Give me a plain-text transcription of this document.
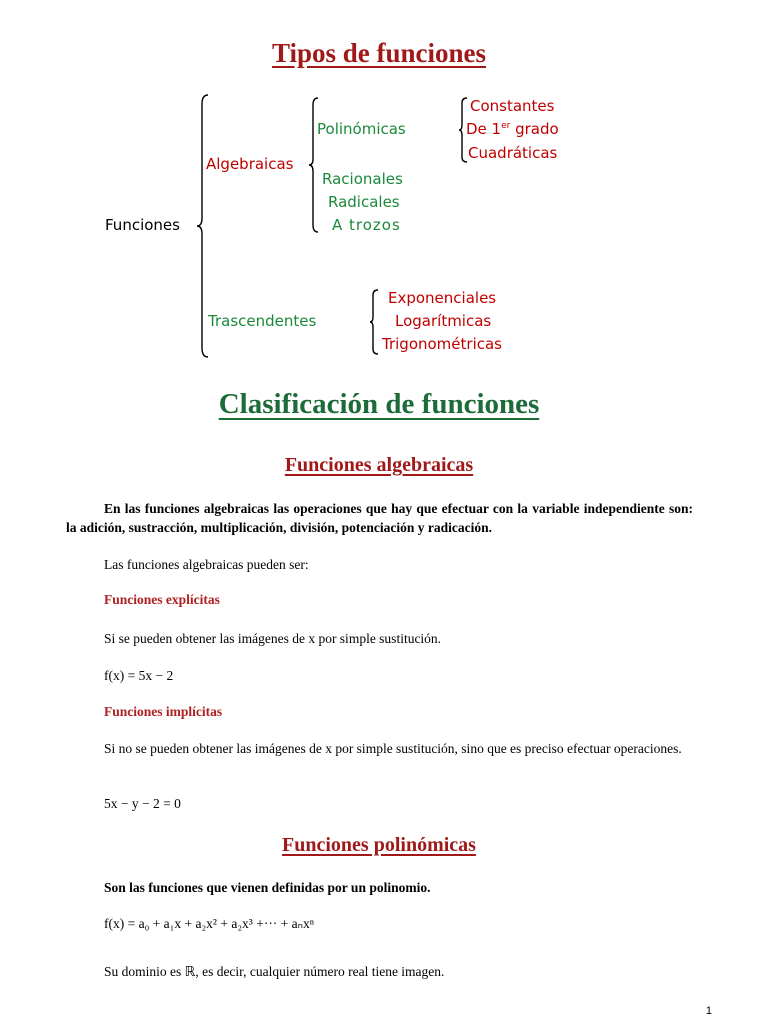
Tipos de funciones
Funciones
Algebraicas
Polinómicas
Constantes
De 1er grado
Cuadráticas
Racionales
Radicales
A trozos
Trascendentes
Exponenciales
Logarítmicas
Trigonométricas
Clasificación de funciones
Funciones algebraicas
En las funciones algebraicas las operaciones que hay que efectuar con la variable independiente son: la adición, sustracción, multiplicación, división, potenciación y radicación.
Las funciones algebraicas pueden ser:
Funciones explícitas
Si se pueden obtener las imágenes de x por simple sustitución.
f(x) = 5x − 2
Funciones implícitas
Si no se pueden obtener las imágenes de x por simple sustitución, sino que es preciso efectuar operaciones.
5x − y − 2 = 0
Funciones polinómicas
Son las funciones que vienen definidas por un polinomio.
f(x) = a₀ + a₁x + a₂x² + a₂x³ +··· + aₙxⁿ
Su dominio es ℝ, es decir, cualquier número real tiene imagen.
1
